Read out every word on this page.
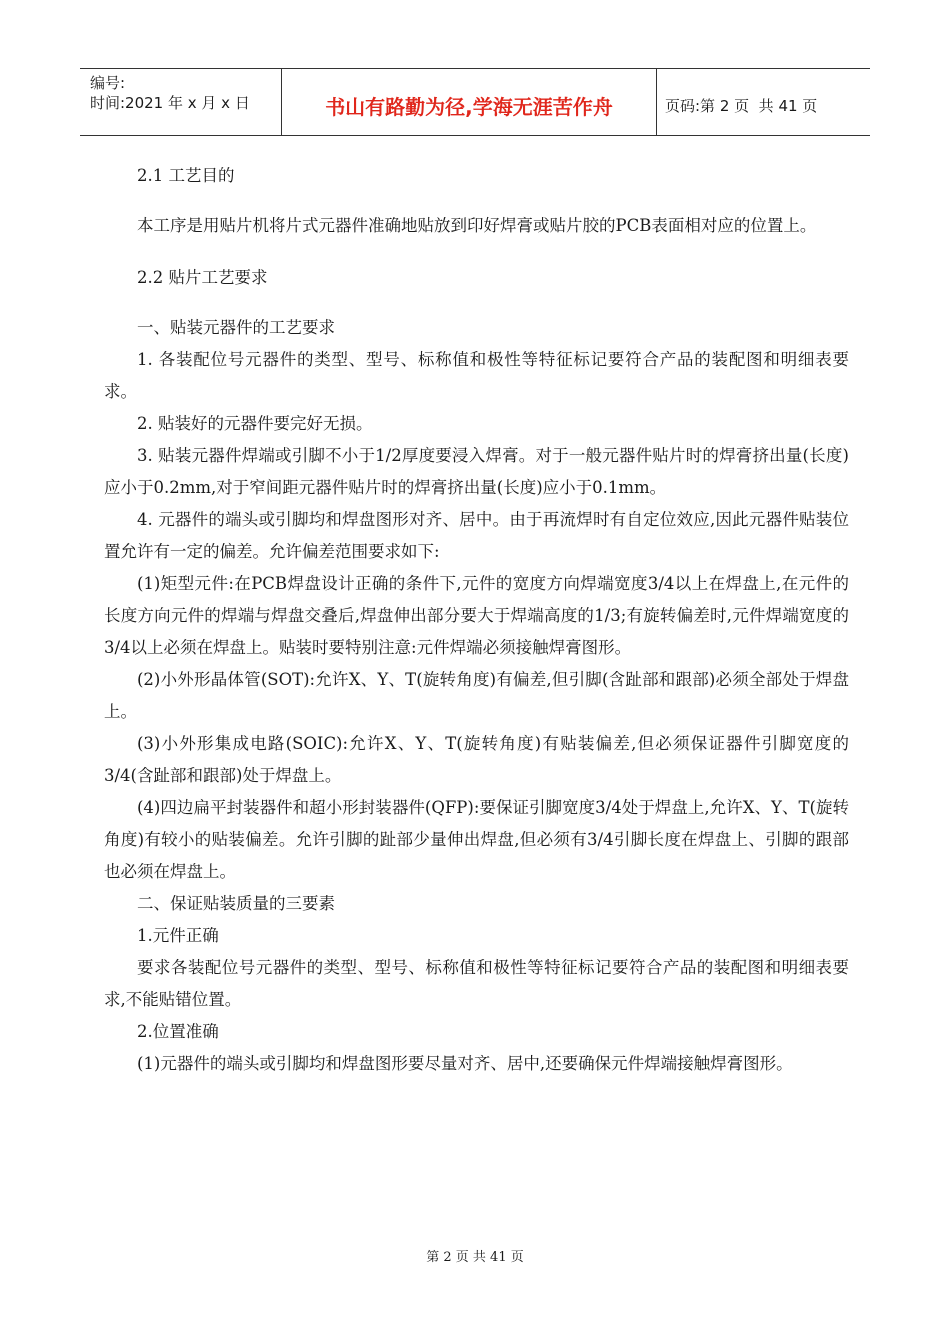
编号:
时间:2021 年 x 月 x 日	书山有路勤为径,学海无涯苦作舟	页码:第 2 页  共 41 页

2.1 工艺目的

本工序是用贴片机将片式元器件准确地贴放到印好焊膏或贴片胶的PCB表面相对应的位置上。

2.2 贴片工艺要求

一、贴装元器件的工艺要求

1. 各装配位号元器件的类型、型号、标称值和极性等特征标记要符合产品的装配图和明细表要求。

2. 贴装好的元器件要完好无损。

3. 贴装元器件焊端或引脚不小于1/2厚度要浸入焊膏。对于一般元器件贴片时的焊膏挤出量(长度)应小于0.2mm,对于窄间距元器件贴片时的焊膏挤出量(长度)应小于0.1mm。

4. 元器件的端头或引脚均和焊盘图形对齐、居中。由于再流焊时有自定位效应,因此元器件贴装位置允许有一定的偏差。允许偏差范围要求如下:

(1)矩型元件:在PCB焊盘设计正确的条件下,元件的宽度方向焊端宽度3/4以上在焊盘上,在元件的长度方向元件的焊端与焊盘交叠后,焊盘伸出部分要大于焊端高度的1/3;有旋转偏差时,元件焊端宽度的3/4以上必须在焊盘上。贴装时要特别注意:元件焊端必须接触焊膏图形。

(2)小外形晶体管(SOT):允许X、Y、T(旋转角度)有偏差,但引脚(含趾部和跟部)必须全部处于焊盘上。

(3)小外形集成电路(SOIC):允许X、Y、T(旋转角度)有贴装偏差,但必须保证器件引脚宽度的3/4(含趾部和跟部)处于焊盘上。

(4)四边扁平封装器件和超小形封装器件(QFP):要保证引脚宽度3/4处于焊盘上,允许X、Y、T(旋转角度)有较小的贴装偏差。允许引脚的趾部少量伸出焊盘,但必须有3/4引脚长度在焊盘上、引脚的跟部也必须在焊盘上。

二、保证贴装质量的三要素

1.元件正确

要求各装配位号元器件的类型、型号、标称值和极性等特征标记要符合产品的装配图和明细表要求,不能贴错位置。

2.位置准确

(1)元器件的端头或引脚均和焊盘图形要尽量对齐、居中,还要确保元件焊端接触焊膏图形。

第 2 页 共 41 页
